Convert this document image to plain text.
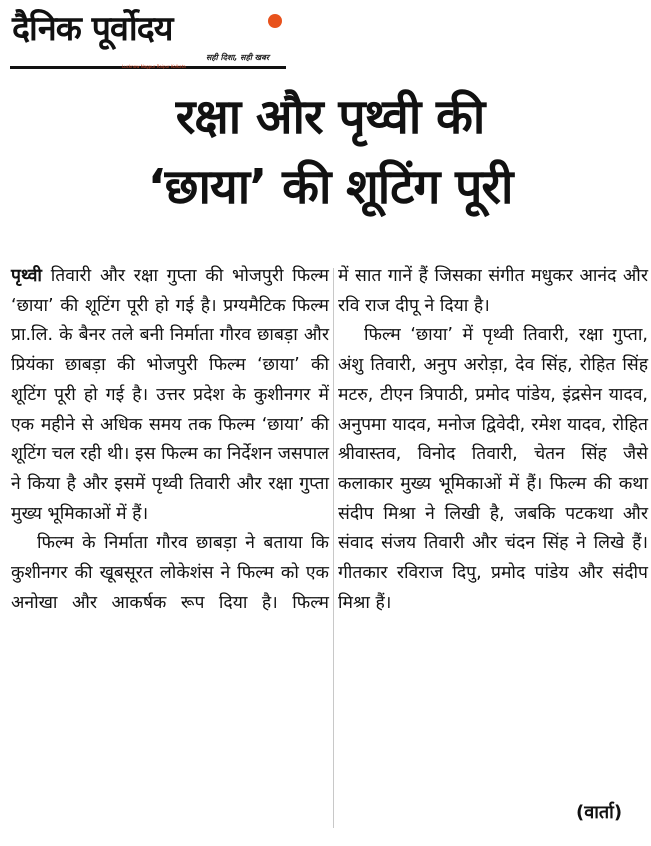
दैनिक पूर्वोदय
Lucknow Nagpur Raipur Kolkata
सही दिशा, सही खबर
रक्षा और पृथ्वी की
‘छाया’ की शूटिंग पूरी

पृथ्वी तिवारी और रक्षा गुप्ता की भोजपुरी फिल्म ‘छाया’ की शूटिंग पूरी हो गई है। प्रग्यमैटिक फिल्म प्रा.लि. के बैनर तले बनी निर्माता गौरव छाबड़ा और प्रियंका छाबड़ा की भोजपुरी फिल्म ‘छाया’ की शूटिंग पूरी हो गई है। उत्तर प्रदेश के कुशीनगर में एक महीने से अधिक समय तक फिल्म ‘छाया’ की शूटिंग चल रही थी। इस फिल्म का निर्देशन जसपाल ने किया है और इसमें पृथ्वी तिवारी और रक्षा गुप्ता मुख्य भूमिकाओं में हैं।

फिल्म के निर्माता गौरव छाबड़ा ने बताया कि कुशीनगर की खूबसूरत लोकेशंस ने फिल्म को एक अनोखा और आकर्षक रूप दिया है। फिल्म

में सात गानें हैं जिसका संगीत मधुकर आनंद और रवि राज दीपू ने दिया है।

फिल्म ‘छाया’ में पृथ्वी तिवारी, रक्षा गुप्ता, अंशु तिवारी, अनुप अरोड़ा, देव सिंह, रोहित सिंह मटरु, टीएन त्रिपाठी, प्रमोद पांडेय, इंद्रसेन यादव, अनुपमा यादव, मनोज द्विवेदी, रमेश यादव, रोहित श्रीवास्तव, विनोद तिवारी, चेतन सिंह जैसे कलाकार मुख्य भूमिकाओं में हैं। फिल्म की कथा संदीप मिश्रा ने लिखी है, जबकि पटकथा और संवाद संजय तिवारी और चंदन सिंह ने लिखे हैं। गीतकार रविराज दिपु, प्रमोद पांडेय और संदीप मिश्रा हैं।

(वार्ता)
